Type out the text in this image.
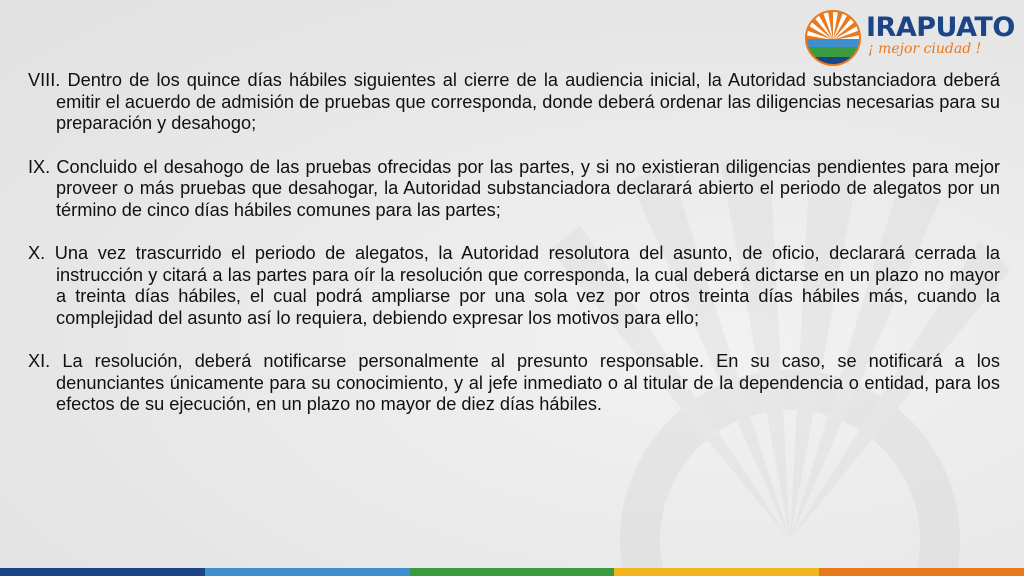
IRAPUATO
¡ mejor ciudad !

VIII. Dentro de los quince días hábiles siguientes al cierre de la audiencia inicial, la Autoridad substanciadora deberá emitir el acuerdo de admisión de pruebas que corresponda, donde deberá ordenar las diligencias necesarias para su preparación y desahogo;

IX. Concluido el desahogo de las pruebas ofrecidas por las partes, y si no existieran diligencias pendientes para mejor proveer o más pruebas que desahogar, la Autoridad substanciadora declarará abierto el periodo de alegatos por un término de cinco días hábiles comunes para las partes;

X. Una vez trascurrido el periodo de alegatos, la Autoridad resolutora del asunto, de oficio, declarará cerrada la instrucción y citará a las partes para oír la resolución que corresponda, la cual deberá dictarse en un plazo no mayor a treinta días hábiles, el cual podrá ampliarse por una sola vez por otros treinta días hábiles más, cuando la complejidad del asunto así lo requiera, debiendo expresar los motivos para ello;

XI. La resolución, deberá notificarse personalmente al presunto responsable. En su caso, se notificará a los denunciantes únicamente para su conocimiento, y al jefe inmediato o al titular de la dependencia o entidad, para los efectos de su ejecución, en un plazo no mayor de diez días hábiles.
